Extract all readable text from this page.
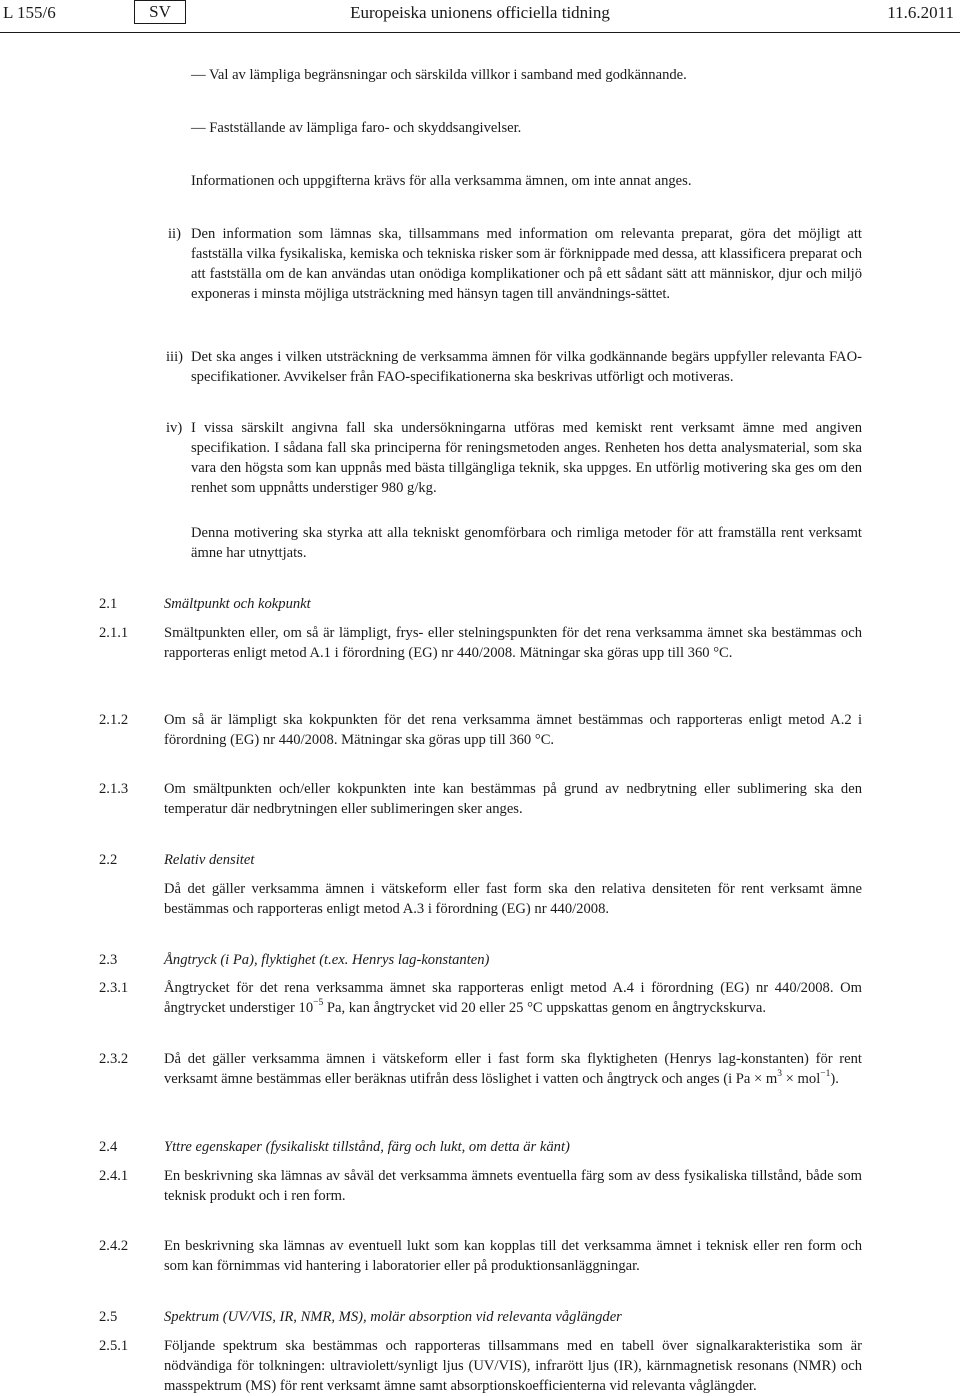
L 155/6	SV	Europeiska unionens officiella tidning	11.6.2011
— Val av lämpliga begränsningar och särskilda villkor i samband med godkännande.
— Fastställande av lämpliga faro- och skyddsangivelser.
Informationen och uppgifterna krävs för alla verksamma ämnen, om inte annat anges.
ii) Den information som lämnas ska, tillsammans med information om relevanta preparat, göra det möjligt att fastställa vilka fysikaliska, kemiska och tekniska risker som är förknippade med dessa, att klassificera preparat och att fastställa om de kan användas utan onödiga komplikationer och på ett sådant sätt att människor, djur och miljö exponeras i minsta möjliga utsträckning med hänsyn tagen till användnings-sättet.
iii) Det ska anges i vilken utsträckning de verksamma ämnen för vilka godkännande begärs uppfyller relevanta FAO-specifikationer. Avvikelser från FAO-specifikationerna ska beskrivas utförligt och motiveras.
iv) I vissa särskilt angivna fall ska undersökningarna utföras med kemiskt rent verksamt ämne med angiven specifikation. I sådana fall ska principerna för reningsmetoden anges. Renheten hos detta analysmaterial, som ska vara den högsta som kan uppnås med bästa tillgängliga teknik, ska uppges. En utförlig motivering ska ges om den renhet som uppnåtts understiger 980 g/kg.
Denna motivering ska styrka att alla tekniskt genomförbara och rimliga metoder för att framställa rent verksamt ämne har utnyttjats.
2.1	Smältpunkt och kokpunkt
2.1.1 Smältpunkten eller, om så är lämpligt, frys- eller stelningspunkten för det rena verksamma ämnet ska bestämmas och rapporteras enligt metod A.1 i förordning (EG) nr 440/2008. Mätningar ska göras upp till 360 °C.
2.1.2 Om så är lämpligt ska kokpunkten för det rena verksamma ämnet bestämmas och rapporteras enligt metod A.2 i förordning (EG) nr 440/2008. Mätningar ska göras upp till 360 °C.
2.1.3 Om smältpunkten och/eller kokpunkten inte kan bestämmas på grund av nedbrytning eller sublimering ska den temperatur där nedbrytningen eller sublimeringen sker anges.
2.2	Relativ densitet
Då det gäller verksamma ämnen i vätskeform eller fast form ska den relativa densiteten för rent verksamt ämne bestämmas och rapporteras enligt metod A.3 i förordning (EG) nr 440/2008.
2.3	Ångtryck (i Pa), flyktighet (t.ex. Henrys lag-konstanten)
2.3.1 Ångtrycket för det rena verksamma ämnet ska rapporteras enligt metod A.4 i förordning (EG) nr 440/2008. Om ångtrycket understiger $10^{-5}$ Pa, kan ångtrycket vid 20 eller 25 °C uppskattas genom en ångtryckskurva.
2.3.2 Då det gäller verksamma ämnen i vätskeform eller i fast form ska flyktigheten (Henrys lag-konstanten) för rent verksamt ämne bestämmas eller beräknas utifrån dess löslighet i vatten och ångtryck och anges (i $Pa \times m^3 \times mol^{-1}$).
2.4	Yttre egenskaper (fysikaliskt tillstånd, färg och lukt, om detta är känt)
2.4.1 En beskrivning ska lämnas av såväl det verksamma ämnets eventuella färg som av dess fysikaliska tillstånd, både som teknisk produkt och i ren form.
2.4.2 En beskrivning ska lämnas av eventuell lukt som kan kopplas till det verksamma ämnet i teknisk eller ren form och som kan förnimmas vid hantering i laboratorier eller på produktionsanläggningar.
2.5	Spektrum (UV/VIS, IR, NMR, MS), molär absorption vid relevanta våglängder
2.5.1 Följande spektrum ska bestämmas och rapporteras tillsammans med en tabell över signalkarakteristika som är nödvändiga för tolkningen: ultraviolett/synligt ljus (UV/VIS), infrarött ljus (IR), kärnmagnetisk resonans (NMR) och masspektrum (MS) för rent verksamt ämne samt absorptionskoefficienterna vid relevanta våglängder.
